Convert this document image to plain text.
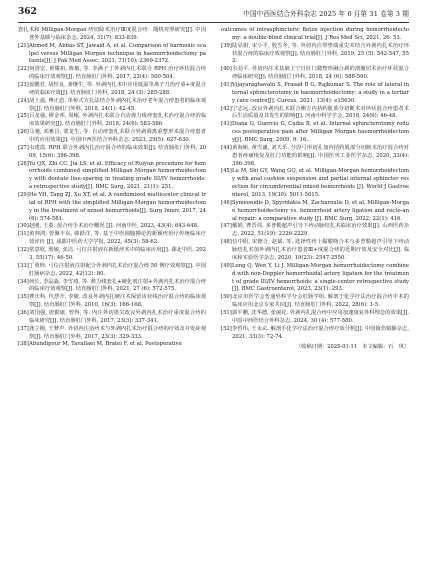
362	中国中西医结合外科杂志 2025 年 6 月第 31 卷第 3 期

套扎术和 Milligan-Morgan 痔切除术治疗Ⅲ度混合痔：随机对照研究[J]. 中国普外基础与临床杂志, 2024, 31(7): 833-839.

[21]Ahmed M, Abbas ST, Jawaid A, et al. Comparison of harmonic scalpel versus Milligan Morgan technique in haemorrhoidectomy patients[J]. J Pak Med Assoc, 2021, 71(10): 2369-2372.

[22]何清宏, 黄耀祖, 陈敏, 等. 李满子丁外剥内扎术联合 RPH 治疗环状混合痔的临床疗效观察[J]. 结直肠肛门外科, 2017, 23(4): 500-504.

[23]姜鹏君, 胡恒良, 龚继生, 等. 外剥内扎术中应用低温等离子刀治疗重+度混合痔的临床疗效[J]. 结直肠肛门外科, 2018, 24 (3): 285-288.

[24]胡士强, 傅正恩. 单桥式宣扎法结合外剥内扎术治疗老年混合痔患者的临床观察[J]. 结直肠肛门外科, 2018, 24(1): 42-45.

[25]吕龙强, 缪金邦, 周岷. 外剥内扎术联合自动弹力线痔套扎术治疗混合痔的临床效果研究[J]. 结直肠肛门外科, 2018, 24(6): 583-586.

[26]马驰, 邓雅昌, 蒙龙生, 等. 自动痔套扎术联合外剥调离重整形术混合痔患者中的应用效果[J]. 中国中西医结合外科杂志, 2023, 29(5): 627-630.

[27]韦建霞. RPH 联合外剥内扎治疗混合痔的临床效果[J]. 结直肠肛门外科, 2009, 15(6): 396-398.

[28]Yu QX, Zhi CC, Jia LS, et al. Efficacy of Ruiyun procedure for hemorrhoids combined simplified Milligan Morgan hemorrhoidectomy with dentate line-sparing in treating grade III/IV hemorrhoids: a retrospective study[J]. BMC Surg, 2021, 21(1): 251.

[29]He YH, Tang ZJ, Xu XT, et al. A randomized multicenter clinical trial of RPH with the simplified Milligan-Morgan hemorrhoidectomy in the treatment of mixed hemorrhoids[J]. Surg Innov, 2017, 24(6): 574-581.

[30]赵刚, 王菱. 混合痔手术治疗概况 [J]. 河南中医, 2023, 43(4): 643-648.

[31]黄帅鸿, 曾佩丰东, 韩跃洋, 等. 基于中医圆腹搏论的新颖痔治疗传统临床疗效评价 [J]. 成都中医药大学学报, 2022, 45(3): 58-62.

[32]常意欣, 殷敏, 张洁. 弓位注射液在新纸痔术中的临床应用[J]. 湖北中医, 2023, 55(17): 46-50.

[33]丁黄坤. 弓位注射液注射配合外剥内扎术治疗混合痔 50 例疗效观察[J]. 中国肛肠病杂志, 2022, 42(12): 80.

[34]何长, 李晶淼, 李雪琦, 等. 弹力线套扎+硬化剂注射+外剥内扎术治疗混合痔的临床疗效观察[J]. 结直肠肛门外科, 2021, 27 (6): 572-575.

[35]曹庆科, 代慧升, 李婕. 改良外剥内扎硬注术保留齿状线治疗混合痔的临床观察[J]. 结直肠肛门外科, 2010, 16(3): 166-168.

[36]刘国强, 唐勤康, 曾得, 等. 内注外切墨尖改良外剥内扎术治疗重度混合痔的临床研究[J]. 结直肠肛门外科, 2017, 23(3): 337-341.

[37]龚立刚, 王梦声. 外切内注消痔术与外剥内扎术治疗混合痔的疗效及并发症观察[J]. 结直肠肛门外科, 2017, 23(3): 329-333.

[38]Abundipour M, Tavallaei M, Bratei F, et al. Postoperative

outcomes of intrasphincteric Botox injection during hemorrhoidectomy: a double-blind clinical trial[J]. J Res Med Sci, 2021, 26: 53.

[39]陆显娟, 宋小平, 殷雪冬, 等. 外切内注带垫端重尖术结合外剥内扎术治疗环状混合痔的临床疗效观察[J]. 结直肠肛门外科, 2019, 25 (5): 542-547, 552.

[40]韦劲平. 外切内注术基础上宁日肛门微整形融合剥的剖腹切术治疗环状混合痔临床研究[J]. 结直肠肛门外科, 2018, 24 (6): 586-590.

[41]Vijayaraghavalu S, Prasad R G, Rajkumar S. The role of lateral internal sphincterotomy in haemorrhoidectomy: a study in a tertiary care centre[J]. Cureus, 2021, 13(4): e15630.

[42]宁志远. 改良外剥内扎术联合侧方内括约肌部分切断术对环状混合痔患者术后生活质量及其发生的影响[J]. 河南中科学学会, 2018, 24(6): 46-48.

[43]Diana G, Guercio G, Cudia B, et al. Internal sphincterotomy reduces postoperative pain after Milligan Morgan haemorrhoidectomy[J]. BMC Surg, 2009, 9: 16.

[44]黄海彬, 黄雪谦, 刘天乐. 分段弓形切孔加内括约肌部分切断术治疗混合痔对患者疼痛恢复及肛门功能的影响[J]. 中国医刊工业医学杂志, 2020, 33(4): 396-398.

[45]Lu M, Shi GY, Wang GQ, et al. Milligan-Morgan hemorrhoidectomy with anal cushion suspension and partial internal sphincter resection for circumferential mixed hemorrhoids [J]. World J Gastroenterol, 2013, 19(30): 5011-5015.

[46]Symeonidis D, Spyridakis M, Zacharoulis D, et al. Milligan-Morgan hemorrhoidectomy vs. hemorrhoid artery ligation and recto-anal repair: a comparative study [J]. BMC Surg, 2022, 22(1): 416.

[47]戴娟, 曹晋伟. 多普勒超声引导下痔动脉结扎术临床治疗效果[J]. 山西医药杂志, 2022, 51(19): 2226-2229.

[48]信中阳, 宋德合, 赵斌. 等. 选择性痔上黏膜吻合术与多普勒超声引导下痔动脉结扎术加外剥内扎术治疗患者Ⅲ+度混合痔的近期疗效及安全对比[J]. 临床和实验医学杂志, 2020, 19(23): 2547-2550.

[49]Long Q, Wen Y, Li J. Milligan-Morgan hemorrhoidectomy combined with non-Doppler hemorrhoidal artery ligation for the treatment of grade III/IV hemorrhoids: a single-center retrospective study[J]. BMC Gastroenterol, 2023, 23(1): 293.

[50]北京市医学会普通外科学分会肛肠学组. 解剖于化学疗法治疗混合痔手术的临床应用北京专家共识[J]. 结直肠肛门外科, 2022, 28(6): 1-5.

[51]郭平鹏, 沈华德, 张丽花. 外剥内扎混合痔中应用加速康复外科理念的效果[J]. 中国中西医结合外科杂志, 2024, 30 (4): 577-580.

[52]李哲伟, 王永玄. 解剖手化学疗法治疗混合痔疗效分析[J]. 中国镇伤镇静杂志, 2021, 33(3): 72-74.

（收稿日期：2025-01-11　本文编辑：石　琪）
